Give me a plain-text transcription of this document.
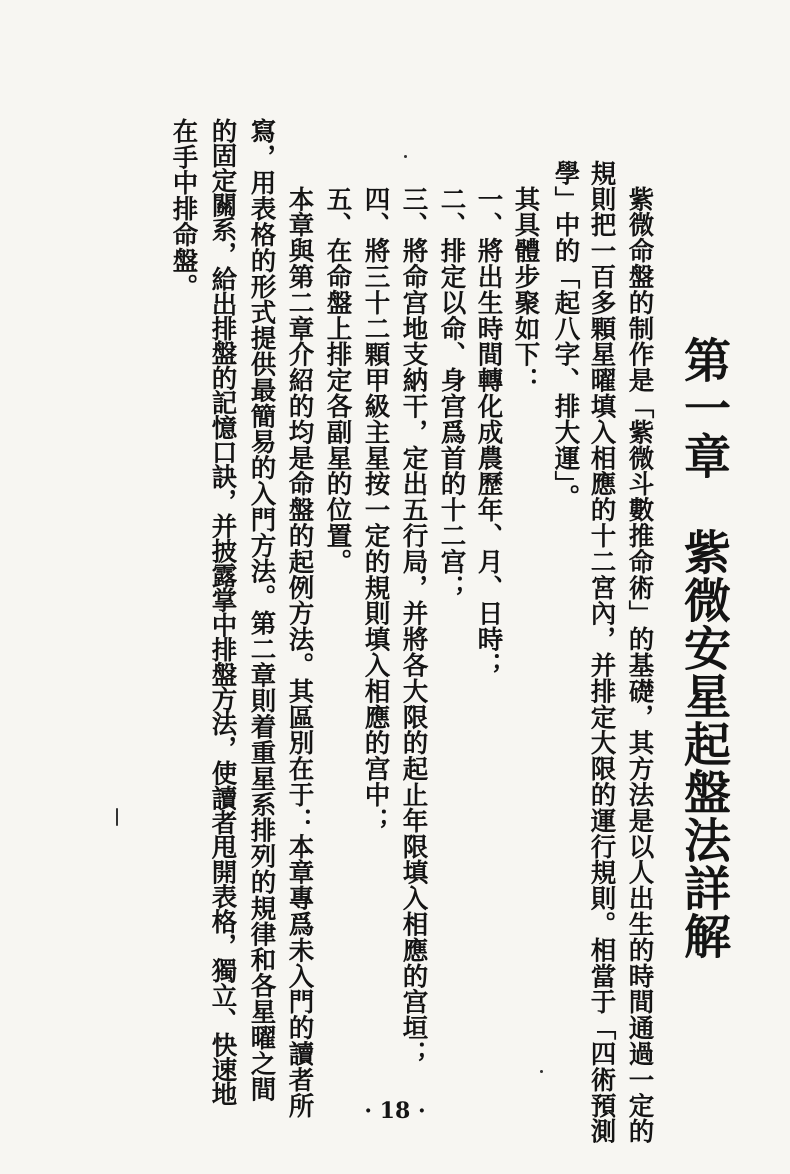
第一章　紫微安星起盤法詳解

　紫微命盤的制作是「紫微斗數推命術」的基礎，其方法是以人出生的時間通過一定的

規則把一百多顆星曜填入相應的十二宮內，并排定大限的運行規則。相當于「四術預測

學」中的「起八字、排大運」。

　其具體步聚如下：

　一、將出生時間轉化成農歷年、月、日時；

　二、排定以命、身宫爲首的十二宫；

　三、將命宫地支納干，定出五行局，并將各大限的起止年限填入相應的宫垣；

　四、將三十二顆甲級主星按一定的規則填入相應的宫中；

　五、在命盤上排定各副星的位置。

　本章與第二章介紹的均是命盤的起例方法。其區別在于：本章專爲未入門的讀者所

寫，用表格的形式提供最簡易的入門方法。第二章則着重星系排列的規律和各星曜之間

的固定關系，給出排盤的記憶口訣，并披露掌中排盤方法，使讀者甩開表格，獨立、快速地

在手中排命盤。

· 18 ·
